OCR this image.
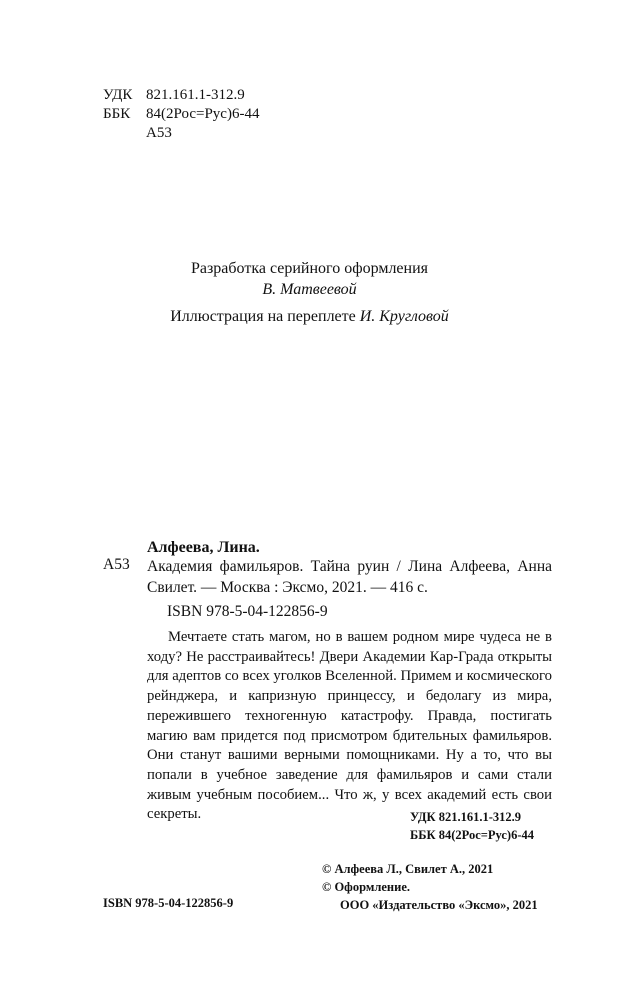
УДК 821.161.1-312.9
ББК	84(2Рос=Рус)6-44
А53
Разработка серийного оформления
В. Матвеевой
Иллюстрация на переплете И. Кругловой
Алфеева, Лина.
А53 Академия фамильяров. Тайна руин / Лина Алфеева, Анна Свилет. — Москва : Эксмо, 2021. — 416 с.
ISBN 978-5-04-122856-9
Мечтаете стать магом, но в вашем родном мире чудеса не в ходу? Не расстраивайтесь! Двери Академии Кар-Града открыты для адептов со всех уголков Вселенной. Примем и космического рейнджера, и капризную принцессу, и бедолагу из мира, пережившего техногенную катастрофу. Правда, постигать магию вам придется под присмотром бдительных фамильяров. Они станут вашими верными помощниками. Ну а то, что вы попали в учебное заведение для фамильяров и сами стали живым учебным пособием... Что ж, у всех академий есть свои секреты.	УДК 821.161.1-312.9
ББК 84(2Рос=Рус)6-44
© Алфеева Л., Свилет А., 2021
© Оформление.
ООО «Издательство «Эксмо», 2021
ISBN 978-5-04-122856-9
